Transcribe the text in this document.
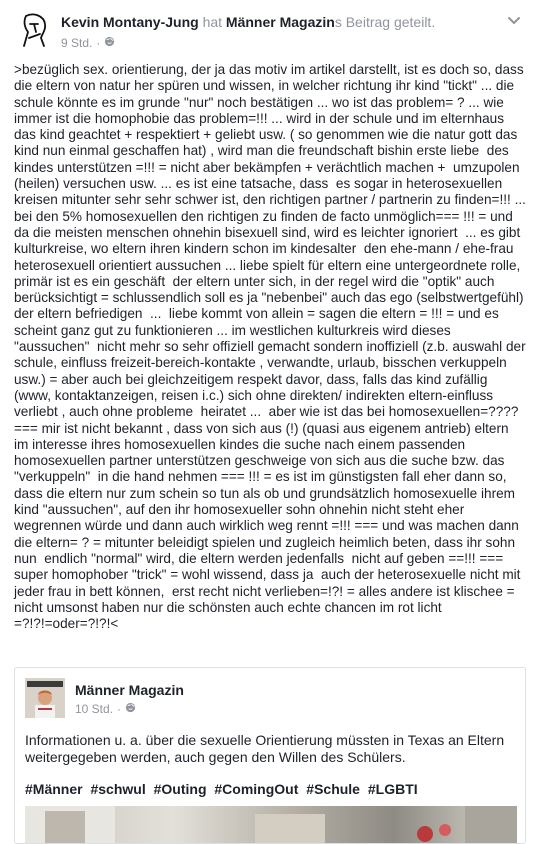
Kevin Montany-Jung hat Männer Magazins Beitrag geteilt.
9 Std. ·
>bezüglich sex. orientierung, der ja das motiv im artikel darstellt, ist es doch so, dass die eltern von natur her spüren und wissen, in welcher richtung ihr kind "tickt" ... die schule könnte es im grunde "nur" noch bestätigen ... wo ist das problem= ? ... wie immer ist die homophobie das problem=!!! ... wird in der schule und im elternhaus das kind geachtet + respektiert + geliebt usw. ( so genommen wie die natur gott das kind nun einmal geschaffen hat) , wird man die freundschaft bishin erste liebe  des kindes unterstützen =!!! = nicht aber bekämpfen + verächtlich machen +  umzupolen (heilen) versuchen usw. ... es ist eine tatsache, dass  es sogar in heterosexuellen kreisen mitunter sehr sehr schwer ist, den richtigen partner / partnerin zu finden=!!! ... bei den 5% homosexuellen den richtigen zu finden de facto unmöglich=== !!! = und da die meisten menschen ohnehin bisexuell sind, wird es leichter ignoriert  ... es gibt kulturkreise, wo eltern ihren kindern schon im kindesalter  den ehe-mann / ehe-frau heterosexuell orientiert aussuchen ... liebe spielt für eltern eine untergeordnete rolle, primär ist es ein geschäft  der eltern unter sich, in der regel wird die "optik" auch berücksichtigt = schlussendlich soll es ja "nebenbei" auch das ego (selbstwertgefühl)  der eltern befriedigen  ...  liebe kommt von allein = sagen die eltern = !!! = und es scheint ganz gut zu funktionieren ... im westlichen kulturkreis wird dieses "aussuchen"  nicht mehr so sehr offiziell gemacht sondern inoffiziell (z.b. auswahl der schule, einfluss freizeit-bereich-kontakte , verwandte, urlaub, bisschen verkuppeln  usw.) = aber auch bei gleichzeitigem respekt davor, dass, falls das kind zufällig (www, kontaktanzeigen, reisen i.c.) sich ohne direkten/ indirekten eltern-einfluss verliebt , auch ohne probleme  heiratet ...  aber wie ist das bei homosexuellen=???? === mir ist nicht bekannt , dass von sich aus (!) (quasi aus eigenem antrieb) eltern im interesse ihres homosexuellen kindes die suche nach einem passenden homosexuellen partner unterstützen geschweige von sich aus die suche bzw. das "verkuppeln"  in die hand nehmen === !!! = es ist im günstigsten fall eher dann so, dass die eltern nur zum schein so tun als ob und grundsätzlich homosexuelle ihrem kind "aussuchen", auf den ihr homosexueller sohn ohnehin nicht steht eher wegrennen würde und dann auch wirklich weg rennt =!!! === und was machen dann die eltern= ? = mitunter beleidigt spielen und zugleich heimlich beten, dass ihr sohn nun  endlich "normal" wird, die eltern werden jedenfalls  nicht auf geben ==!!! === super homophober "trick" = wohl wissend, dass ja  auch der heterosexuelle nicht mit jeder frau in bett können,  erst recht nicht verlieben=!?! = alles andere ist klischee = nicht umsonst haben nur die schönsten auch echte chancen im rot licht =?!?!=oder=?!?!<
Männer Magazin
10 Std. ·
Informationen u. a. über die sexuelle Orientierung müssten in Texas an Eltern weitergegeben werden, auch gegen den Willen des Schülers.
#Männer #schwul #Outing #ComingOut #Schule #LGBTI
